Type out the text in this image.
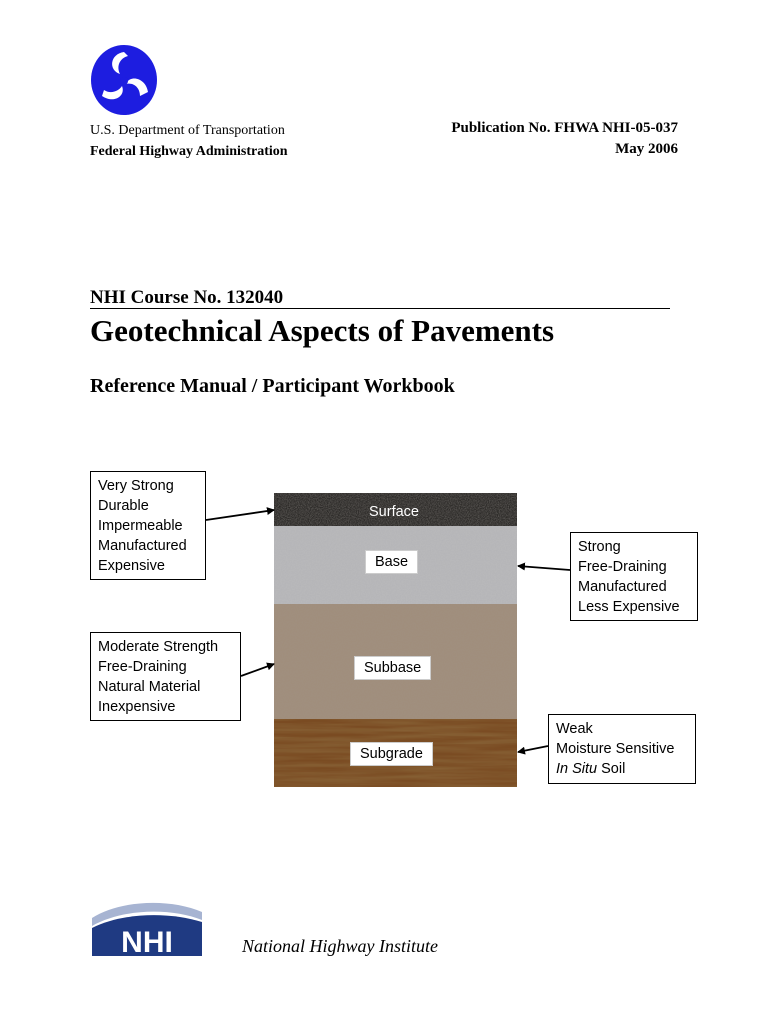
U.S. Department of Transportation
Federal Highway Administration
Publication No. FHWA NHI-05-037
May 2006
NHI Course No. 132040
Geotechnical Aspects of Pavements
Reference Manual / Participant Workbook
Surface
Base
Subbase
Subgrade
Very Strong
Durable
Impermeable
Manufactured
Expensive
Strong
Free-Draining
Manufactured
Less Expensive
Moderate Strength
Free-Draining
Natural Material
Inexpensive
Weak
Moisture Sensitive
In Situ Soil
NHI	National Highway Institute
